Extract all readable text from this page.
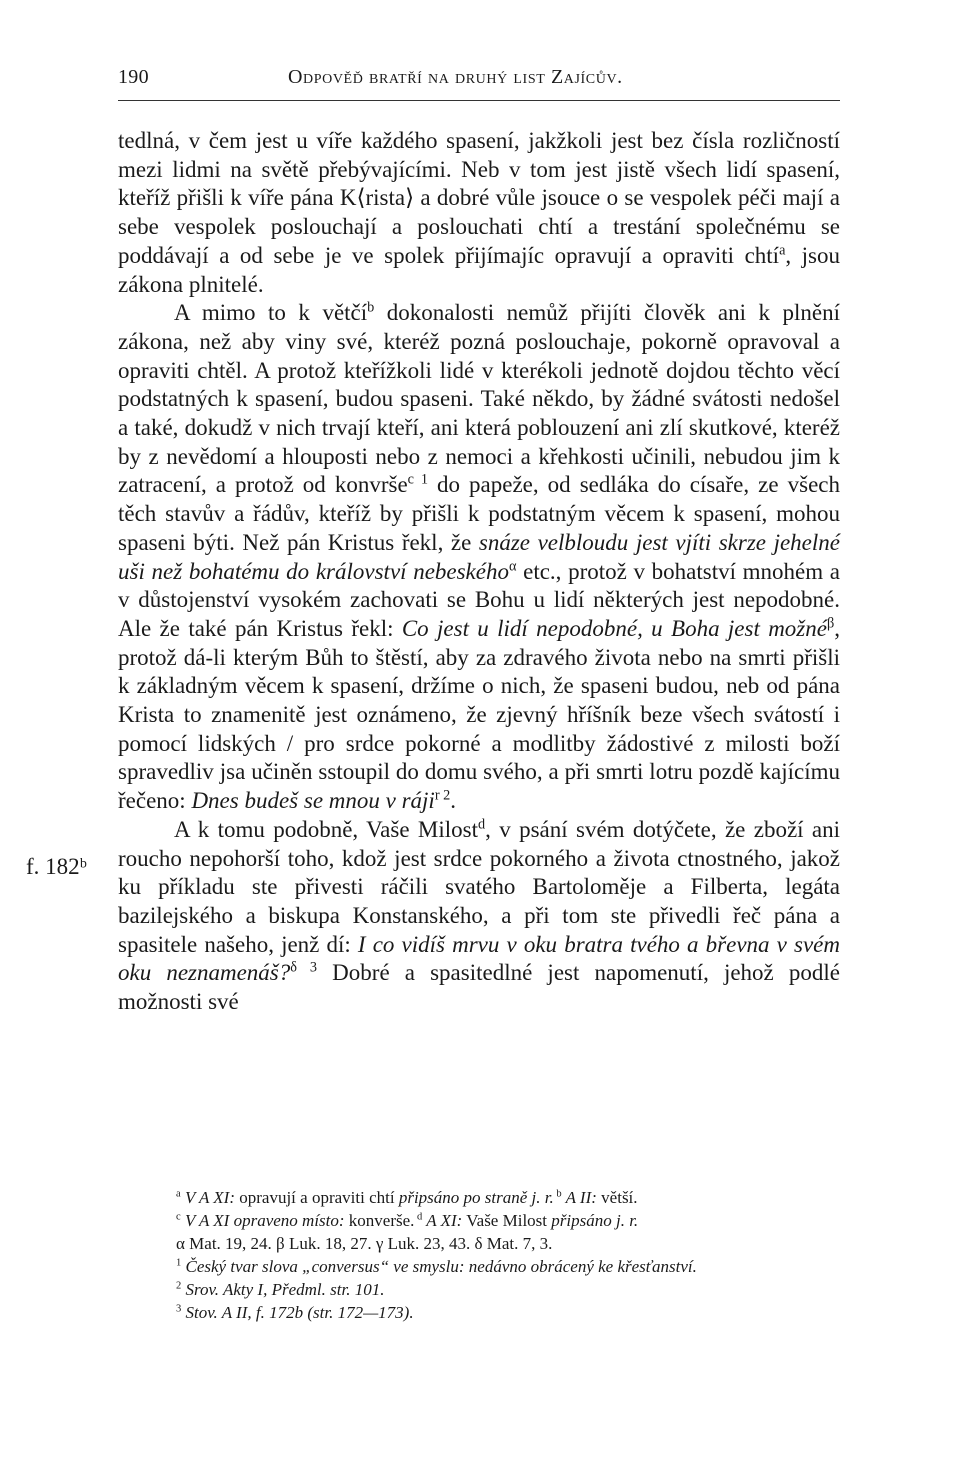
190	Odpověď bratří na druhý list Zajícův.
f. 182ᵇ

tedlná, v čem jest u víře každého spasení, jakžkoli jest bez čísla rozličností mezi lidmi na světě přebývajícími. Neb v tom jest jistě všech lidí spasení, kteříž přišli k víře pána K⟨rista⟩ a dobré vůle jsouce o se vespolek péči mají a sebe vespolek poslouchají a poslouchati chtí a trestání společnému se poddávají a od sebe je ve spolek přijímajíc opravují a opraviti chtí$^a$, jsou zákona plnitelé.

A mimo to k větčí$^b$ dokonalosti nemůž přijíti člověk ani k plnění zákona, než aby viny své, kteréž pozná poslouchaje, pokorně opravoval a opraviti chtěl. A protož kteřížkoli lidé v kterékoli jednotě dojdou těchto věcí podstatných k spasení, budou spaseni. Také někdo, by žádné svátosti nedošel a také, dokudž v nich trvají kteří, ani která poblouzení ani zlí skutkové, kteréž by z nevědomí a hlouposti nebo z nemoci a křehkosti učinili, nebudou jim k zatracení, a protož od konvrše$^{c 1}$ do papeže, od sedláka do císaře, ze všech těch stavův a řádův, kteříž by přišli k podstatným věcem k spasení, mohou spaseni býti. Než pán Kristus řekl, že snáze velbloudu jest vjíti skrze jehelné uši než bohatému do království nebeského$^\alpha$ etc., protož v bohatství mnohém a v důstojenství vysokém zachovati se Bohu u lidí některých jest nepodobné. Ale že také pán Kristus řekl: Co jest u lidí nepodobné, u Boha jest možné$^\beta$, protož dá-li kterým Bůh to štěstí, aby za zdravého života nebo na smrti přišli k základným věcem k spasení, držíme o nich, že spaseni budou, neb od pána Krista to znamenitě jest oznámeno, že zjevný hříšník beze všech svátostí i pomocí lidských / pro srdce pokorné a modlitby žádostivé z milosti boží spravedliv jsa učiněn sstoupil do domu svého, a při smrti lotru pozdě kajícímu řečeno: Dnes budeš se mnou v ráji$^{r 2}$.

A k tomu podobně, Vaše Milost$^d$, v psání svém dotýčete, že zboží ani roucho nepohorší toho, kdož jest srdce pokorného a života ctnostného, jakož ku příkladu ste přivesti ráčili svatého Bartoloměje a Filberta, legáta bazilejského a biskupa Konstanského, a při tom ste přivedli řeč pána a spasitele našeho, jenž dí: I co vidíš mrvu v oku bratra tvého a břevna v svém oku neznamenáš?$^{\delta 3}$ Dobré a spasitedlné jest napomenutí, jehož podlé možnosti své

$^a$ V A XI: opravují a opraviti chtí připsáno po straně j. r. $^b$ A II: větší.

$^c$ V A XI opraveno místo: konverše. $^d$ A XI: Vaše Milost připsáno j. r.

α Mat. 19, 24. β Luk. 18, 27. γ Luk. 23, 43. δ Mat. 7, 3.

$^1$ Český tvar slova „conversus“ ve smyslu: nedávno obrácený ke křesťanství.

$^2$ Srov. Akty I, Předml. str. 101.

$^3$ Stov. A II, f. 172b (str. 172—173).
